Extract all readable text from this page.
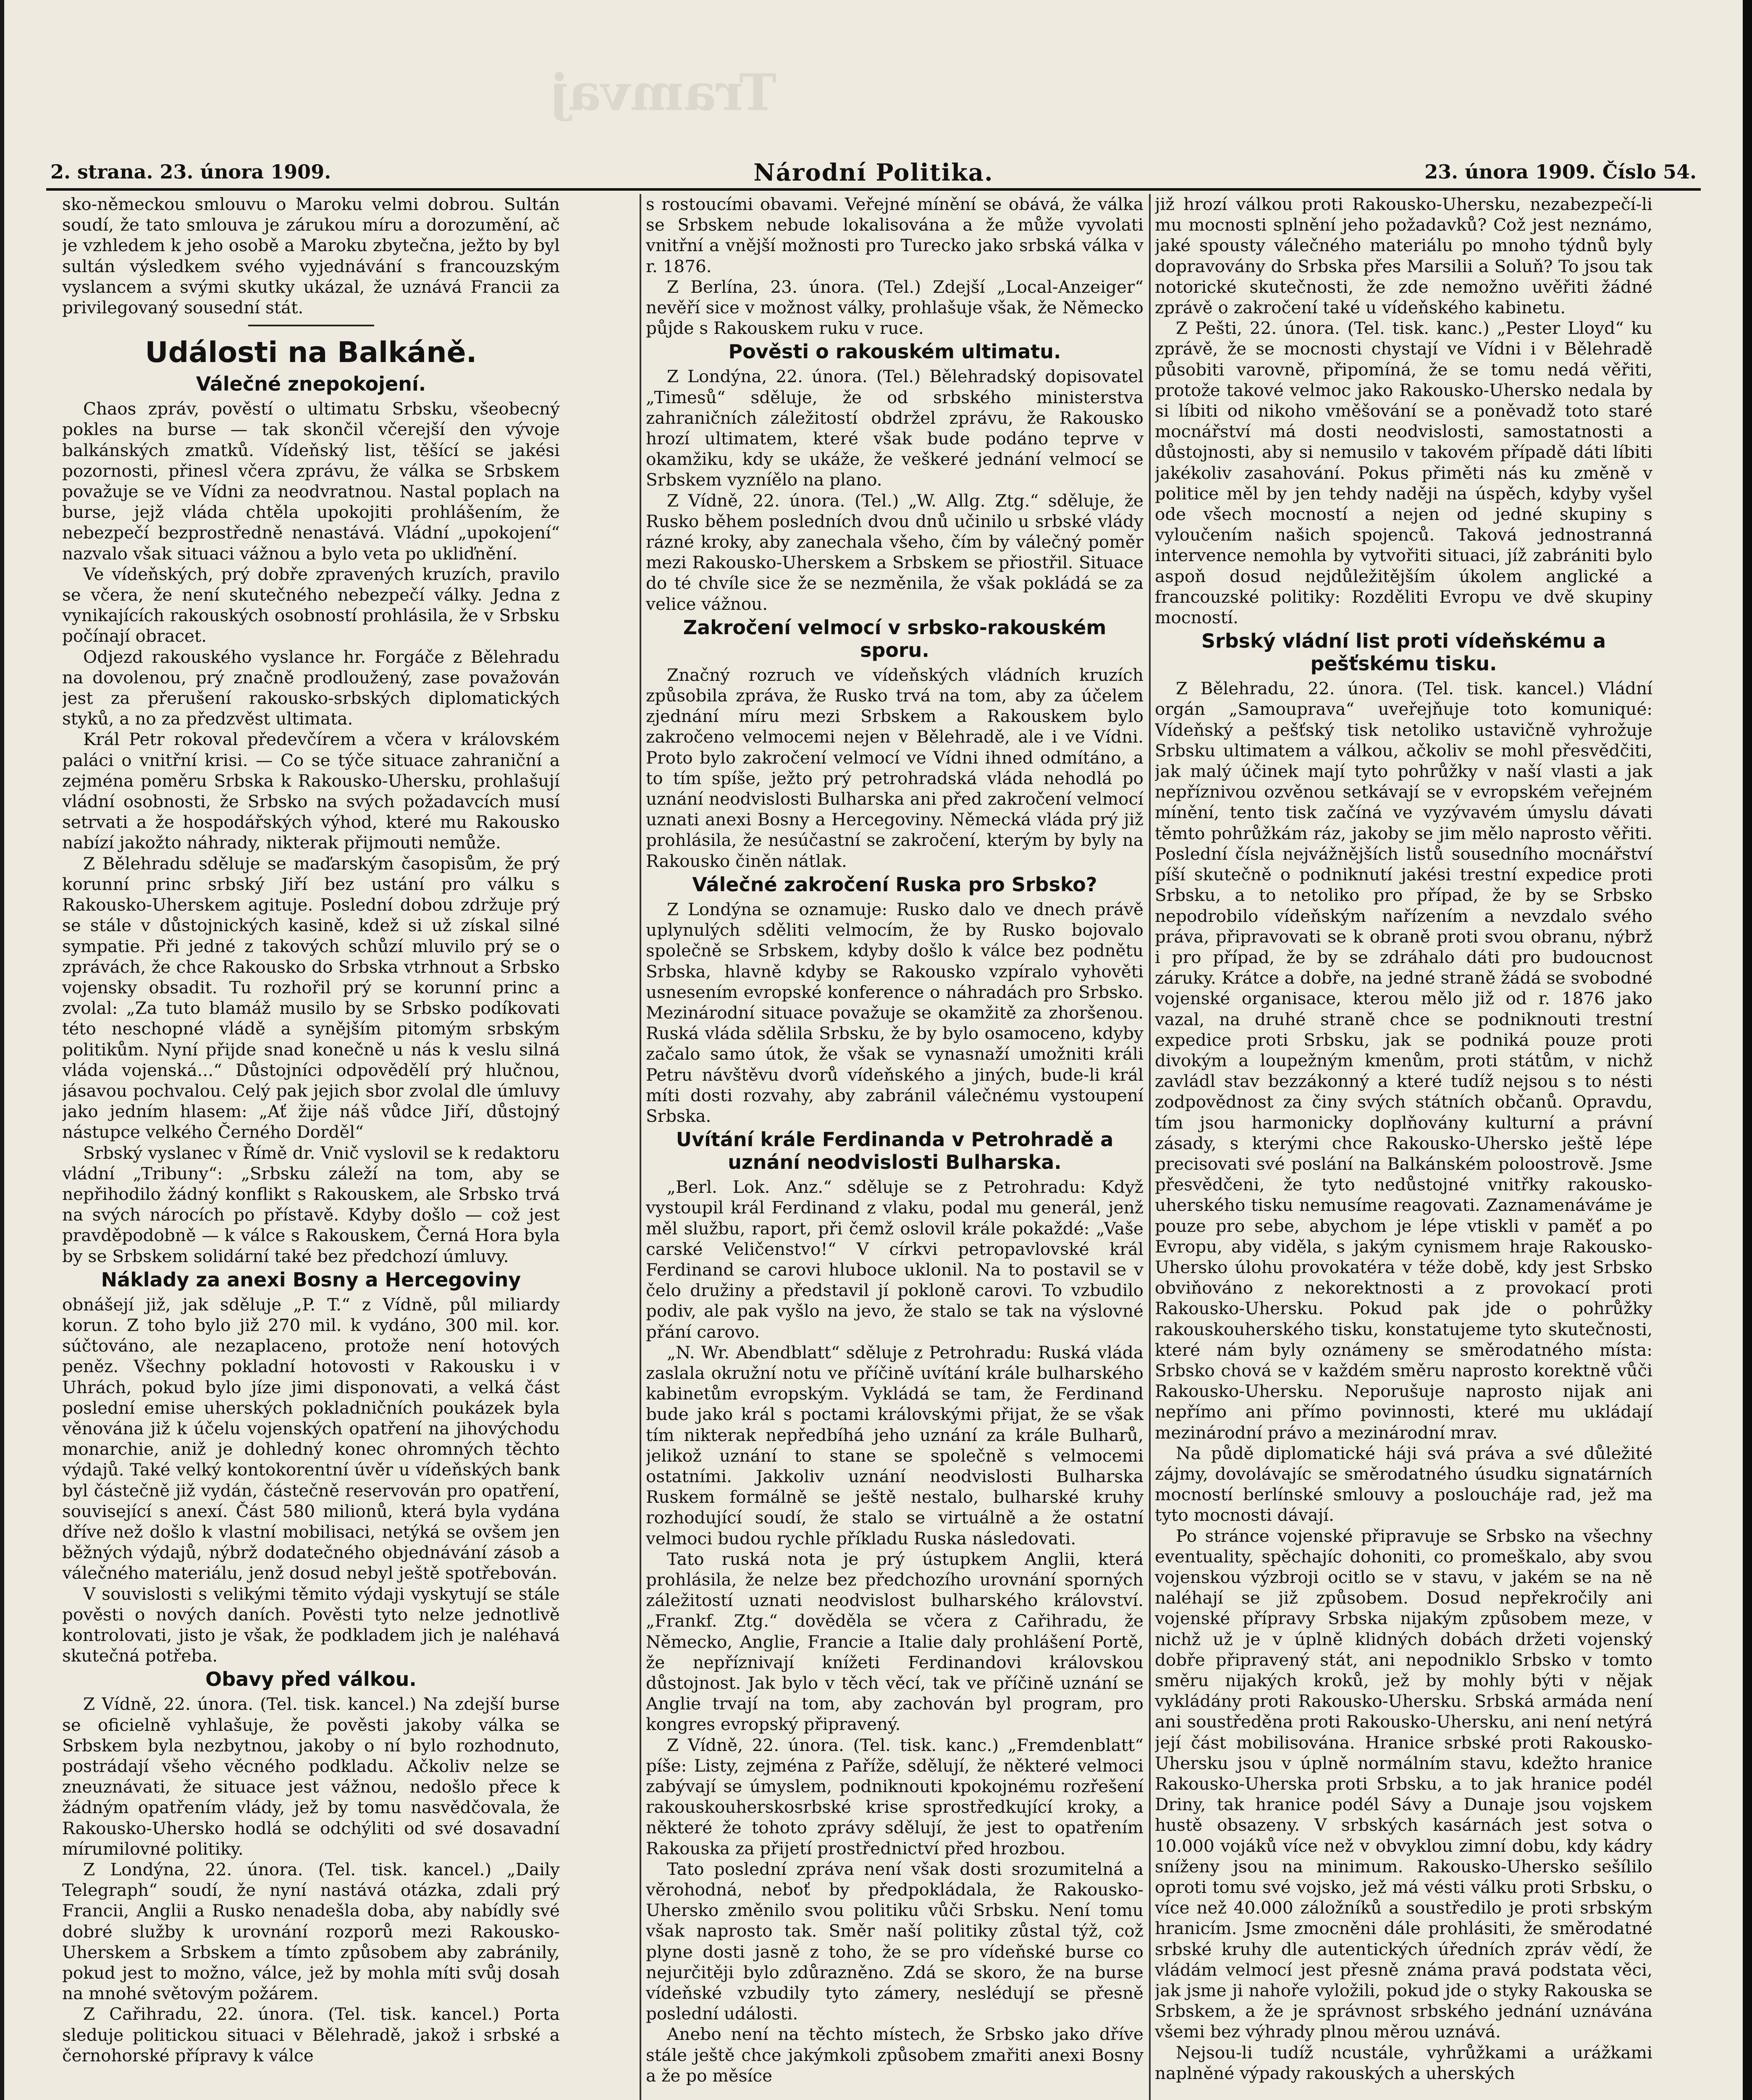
Tramvaj
2. strana. 23. února 1909.	Národní Politika.	23. února 1909. Číslo 54.

sko-německou smlouvu o Maroku velmi dobrou. Sultán soudí, že tato smlouva je zárukou míru a dorozumění, ač je vzhledem k jeho osobě a Maroku zbytečna, ježto by byl sultán výsledkem svého vyjednávání s francouzským vyslancem a svými skutky ukázal, že uznává Francii za privilegovaný sousední stát.

Události na Balkáně.
Válečné znepokojení.

Chaos zpráv, pověstí o ultimatu Srbsku, všeobecný pokles na burse — tak skončil včerejší den vývoje balkánských zmatků. Vídeňský list, těšící se jakési pozornosti, přinesl včera zprávu, že válka se Srbskem považuje se ve Vídni za neodvratnou. Nastal poplach na burse, jejž vláda chtěla upokojiti prohlášením, že nebezpečí bezprostředně nenastává. Vládní „upokojení“ nazvalo však situaci vážnou a bylo veta po ukliďnění.

Ve vídeňských, prý dobře zpravených kruzích, pravilo se včera, že není skutečného nebezpečí války. Jedna z vynikajících rakouských osobností prohlásila, že v Srbsku počínají obracet.

Odjezd rakouského vyslance hr. Forgáče z Bělehradu na dovolenou, prý značně prodloužený, zase považován jest za přerušení rakousko-srbských diplomatických styků, a no za předzvěst ultimata.

Král Petr rokoval předevčírem a včera v královském paláci o vnitřní krisi. — Co se týče situace zahraniční a zejména poměru Srbska k Rakousko-Uhersku, prohlašují vládní osobnosti, že Srbsko na svých požadavcích musí setrvati a že hospodářských výhod, které mu Rakousko nabízí jakožto náhrady, nikterak přijmouti nemůže.

Z Bělehradu sděluje se maďarským časopisům, že prý korunní princ srbský Jiří bez ustání pro válku s Rakousko-Uherskem agituje. Poslední dobou zdržuje prý se stále v důstojnických kasině, kdež si už získal silné sympatie. Při jedné z takových schůzí mluvilo prý se o zprávách, že chce Rakousko do Srbska vtrhnout a Srbsko vojensky obsadit. Tu rozhořil prý se korunní princ a zvolal: „Za tuto blamáž musilo by se Srbsko podíkovati této neschopné vládě a synějším pitomým srbským politikům. Nyní přijde snad konečně u nás k veslu silná vláda vojenská...“ Důstojníci odpovědělí prý hlučnou, jásavou pochvalou. Celý pak jejich sbor zvolal dle úmluvy jako jedním hlasem: „Ať žije náš vůdce Jiří, důstojný nástupce velkého Černého Dorděl“

Srbský vyslanec v Římě dr. Vnič vyslovil se k redaktoru vládní „Tribuny“: „Srbsku záleží na tom, aby se nepřihodilo žádný konflikt s Rakouskem, ale Srbsko trvá na svých nárocích po přístavě. Kdyby došlo — což jest pravděpodobně — k válce s Rakouskem, Černá Hora byla by se Srbskem solidární také bez předchozí úmluvy.

Náklady za anexi Bosny a Hercegoviny

obnášejí již, jak sděluje „P. T.“ z Vídně, půl miliardy korun. Z toho bylo již 270 mil. k vydáno, 300 mil. kor. súčtováno, ale nezaplaceno, protože není hotových peněz. Všechny pokladní hotovosti v Rakousku i v Uhrách, pokud bylo jíze jimi disponovati, a velká část poslední emise uherských pokladničních poukázek byla věnována již k účelu vojenských opatření na jihovýchodu monarchie, aniž je dohledný konec ohromných těchto výdajů. Také velký kontokorentní úvěr u vídeňských bank byl částečně již vydán, částečně reservován pro opatření, související s anexí. Část 580 milionů, která byla vydána dříve než došlo k vlastní mobilisaci, netýká se ovšem jen běžných výdajů, nýbrž dodatečného objednávání zásob a válečného materiálu, jenž dosud nebyl ještě spotřebován.

V souvislosti s velikými těmito výdaji vyskytují se stále pověsti o nových daních. Pověsti tyto nelze jednotlivě kontrolovati, jisto je však, že podkladem jich je naléhavá skutečná potřeba.

Obavy před válkou.

Z Vídně, 22. února. (Tel. tisk. kancel.) Na zdejší burse se oficielně vyhlašuje, že pověsti jakoby válka se Srbskem byla nezbytnou, jakoby o ní bylo rozhodnuto, postrádají všeho věcného podkladu. Ačkoliv nelze se zneuznávati, že situace jest vážnou, nedošlo přece k žádným opatřením vlády, jež by tomu nasvědčovala, že Rakousko-Uhersko hodlá se odchýliti od své dosavadní mírumilovné politiky.

Z Londýna, 22. února. (Tel. tisk. kancel.) „Daily Telegraph“ soudí, že nyní nastává otázka, zdali prý Francii, Anglii a Rusko nenadešla doba, aby nabídly své dobré služby k urovnání rozporů mezi Rakousko-Uherskem a Srbskem a tímto způsobem aby zabránily, pokud jest to možno, válce, jež by mohla míti svůj dosah na mnohé světovým požárem.

Z Cařihradu, 22. února. (Tel. tisk. kancel.) Porta sleduje politickou situaci v Bělehradě, jakož i srbské a černohorské přípravy k válce

s rostoucími obavami. Veřejné mínění se obává, že válka se Srbskem nebude lokalisována a že může vyvolati vnitřní a vnější možnosti pro Turecko jako srbská válka v r. 1876.

Z Berlína, 23. února. (Tel.) Zdejší „Local-Anzeiger“ nevěří sice v možnost války, prohlašuje však, že Německo půjde s Rakouskem ruku v ruce.

Pověsti o rakouském ultimatu.

Z Londýna, 22. února. (Tel.) Bělehradský dopisovatel „Timesů“ sděluje, že od srbského ministerstva zahraničních záležitostí obdržel zprávu, že Rakousko hrozí ultimatem, které však bude podáno teprve v okamžiku, kdy se ukáže, že veškeré jednání velmocí se Srbskem vyzníělo na plano.

Z Vídně, 22. února. (Tel.) „W. Allg. Ztg.“ sděluje, že Rusko během posledních dvou dnů učinilo u srbské vlády rázné kroky, aby zanechala všeho, čím by válečný poměr mezi Rakousko-Uherskem a Srbskem se přiostřil. Situace do té chvíle sice že se nezměnila, že však pokládá se za velice vážnou.

Zakročení velmocí v srbsko-rakouském sporu.

Značný rozruch ve vídeňských vládních kruzích způsobila zpráva, že Rusko trvá na tom, aby za účelem zjednání míru mezi Srbskem a Rakouskem bylo zakročeno velmocemi nejen v Bělehradě, ale i ve Vídni. Proto bylo zakročení velmocí ve Vídni ihned odmítáno, a to tím spíše, ježto prý petrohradská vláda nehodlá po uznání neodvislosti Bulharska ani před zakročení velmocí uznati anexi Bosny a Hercegoviny. Německá vláda prý již prohlásila, že nesúčastní se zakročení, kterým by byly na Rakousko činěn nátlak.

Válečné zakročení Ruska pro Srbsko?

Z Londýna se oznamuje: Rusko dalo ve dnech právě uplynulých sděliti velmocím, že by Rusko bojovalo společně se Srbskem, kdyby došlo k válce bez podnětu Srbska, hlavně kdyby se Rakousko vzpíralo vyhověti usnesením evropské konference o náhradách pro Srbsko. Mezinárodní situace považuje se okamžitě za zhoršenou. Ruská vláda sdělila Srbsku, že by bylo osamoceno, kdyby začalo samo útok, že však se vynasnaží umožniti králi Petru návštěvu dvorů vídeňského a jiných, bude-li král míti dosti rozvahy, aby zabránil válečnému vystoupení Srbska.

Uvítání krále Ferdinanda v Petrohradě a uznání neodvislosti Bulharska.

„Berl. Lok. Anz.“ sděluje se z Petrohradu: Když vystoupil král Ferdinand z vlaku, podal mu generál, jenž měl službu, raport, při čemž oslovil krále pokaždé: „Vaše carské Veličenstvo!“ V církvi petropavlovské král Ferdinand se carovi hluboce uklonil. Na to postavil se v čelo družiny a představil jí pokloně carovi. To vzbudilo podiv, ale pak vyšlo na jevo, že stalo se tak na výslovné přání carovo.

„N. Wr. Abendblatt“ sděluje z Petrohradu: Ruská vláda zaslala okružní notu ve příčině uvítání krále bulharského kabinetům evropským. Vykládá se tam, že Ferdinand bude jako král s poctami královskými přijat, že se však tím nikterak nepředbíhá jeho uznání za krále Bulharů, jelikož uznání to stane se společně s velmocemi ostatními. Jakkoliv uznání neodvislosti Bulharska Ruskem formálně se ještě nestalo, bulharské kruhy rozhodující soudí, že stalo se virtuálně a že ostatní velmoci budou rychle příkladu Ruska následovati.

Tato ruská nota je prý ústupkem Anglii, která prohlásila, že nelze bez předchozího urovnání sporných záležitostí uznati neodvislost bulharského království. „Frankf. Ztg.“ dověděla se včera z Cařihradu, že Německo, Anglie, Francie a Italie daly prohlášení Portě, že nepříznivají knížeti Ferdinandovi královskou důstojnost. Jak bylo v těch věcí, tak ve příčině uznání se Anglie trvají na tom, aby zachován byl program, pro kongres evropský připravený.

Z Vídně, 22. února. (Tel. tisk. kanc.) „Fremdenblatt“ píše: Listy, zejména z Paříže, sdělují, že některé velmoci zabývají se úmyslem, podniknouti kpokojnému rozřešení rakouskouherskosrbské krise sprostředkující kroky, a některé že tohoto zprávy sdělují, že jest to opatřením Rakouska za přijetí prostřednictví před hrozbou.

Tato poslední zpráva není však dosti srozumitelná a věrohodná, neboť by předpokládala, že Rakousko-Uhersko změnilo svou politiku vůči Srbsku. Není tomu však naprosto tak. Směr naší politiky zůstal týž, což plyne dosti jasně z toho, že se pro vídeňské burse co nejurčitěji bylo zdůrazněno. Zdá se skoro, že na burse vídeňské vzbudily tyto zámery, neslédují se přesně poslední události.

Anebo není na těchto místech, že Srbsko jako dříve stále ještě chce jakýmkoli způsobem zmařiti anexi Bosny a že po měsíce

již hrozí válkou proti Rakousko-Uhersku, nezabezpečí-li mu mocnosti splnění jeho požadavků? Což jest neznámo, jaké spousty válečného materiálu po mnoho týdnů byly dopravovány do Srbska přes Marsilii a Soluň? To jsou tak notorické skutečnosti, že zde nemožno uvěřiti žádné zprávě o zakročení také u vídeňského kabinetu.

Z Pešti, 22. února. (Tel. tisk. kanc.) „Pester Lloyd“ ku zprávě, že se mocnosti chystají ve Vídni i v Bělehradě působiti varovně, připomíná, že se tomu nedá věřiti, protože takové velmoc jako Rakousko-Uhersko nedala by si líbiti od nikoho vměšování se a poněvadž toto staré mocnářství má dosti neodvislosti, samostatnosti a důstojnosti, aby si nemusilo v takovém případě dáti líbiti jakékoliv zasahování. Pokus přiměti nás ku změně v politice měl by jen tehdy naději na úspěch, kdyby vyšel ode všech mocností a nejen od jedné skupiny s vyloučením našich spojenců. Taková jednostranná intervence nemohla by vytvořiti situaci, jíž zabrániti bylo aspoň dosud nejdůležitějším úkolem anglické a francouzské politiky: Rozděliti Evropu ve dvě skupiny mocností.

Srbský vládní list proti vídeňskému a pešťskému tisku.

Z Bělehradu, 22. února. (Tel. tisk. kancel.) Vládní orgán „Samouprava“ uveřejňuje toto komuniqué: Vídeňský a pešťský tisk netoliko ustavičně vyhrožuje Srbsku ultimatem a válkou, ačkoliv se mohl přesvědčiti, jak malý účinek mají tyto pohrůžky v naší vlasti a jak nepříznivou ozvěnou setkávají se v evropském veřejném mínění, tento tisk začíná ve vyzývavém úmyslu dávati těmto pohrůžkám ráz, jakoby se jim mělo naprosto věřiti. Poslední čísla nejvážnějších listů sousedního mocnářství píší skutečně o podniknutí jakési trestní expedice proti Srbsku, a to netoliko pro případ, že by se Srbsko nepodrobilo vídeňským nařízením a nevzdalo svého práva, připravovati se k obraně proti svou obranu, nýbrž i pro případ, že by se zdráhalo dáti pro budoucnost záruky. Krátce a dobře, na jedné straně žádá se svobodné vojenské organisace, kterou mělo již od r. 1876 jako vazal, na druhé straně chce se podniknouti trestní expedice proti Srbsku, jak se podniká pouze proti divokým a loupežným kmenům, proti státům, v nichž zavládl stav bezzákonný a které tudíž nejsou s to nésti zodpovědnost za činy svých státních občanů. Opravdu, tím jsou harmonicky doplňovány kulturní a právní zásady, s kterými chce Rakousko-Uhersko ještě lépe precisovati své poslání na Balkánském poloostrově. Jsme přesvědčeni, že tyto nedůstojné vnitřky rakousko-uherského tisku nemusíme reagovati. Zaznamenáváme je pouze pro sebe, abychom je lépe vtiskli v paměť a po Evropu, aby viděla, s jakým cynismem hraje Rakousko-Uhersko úlohu provokatéra v téže době, kdy jest Srbsko obviňováno z nekorektnosti a z provokací proti Rakousko-Uhersku. Pokud pak jde o pohrůžky rakouskouherského tisku, konstatujeme tyto skutečnosti, které nám byly oznámeny se směrodatného místa: Srbsko chová se v každém směru naprosto korektně vůči Rakousko-Uhersku. Neporušuje naprosto nijak ani nepřímo ani přímo povinnosti, které mu ukládají mezinárodní právo a mezinárodní mrav.

Na půdě diplomatické háji svá práva a své důležité zájmy, dovolávajíc se směrodatného úsudku signatárních mocností berlínské smlouvy a posloucháje rad, jež ma tyto mocnosti dávají.

Po stránce vojenské připravuje se Srbsko na všechny eventuality, spěchajíc dohoniti, co promeškalo, aby svou vojenskou výzbroji ocitlo se v stavu, v jakém se na ně naléhají se již způsobem. Dosud nepřekročily ani vojenské přípravy Srbska nijakým způsobem meze, v nichž už je v úplně klidných dobách držeti vojenský dobře připravený stát, ani nepodniklo Srbsko v tomto směru nijakých kroků, jež by mohly býti v nějak vykládány proti Rakousko-Uhersku. Srbská armáda není ani soustředěna proti Rakousko-Uhersku, ani není netýrá její část mobilisována. Hranice srbské proti Rakousko-Uhersku jsou v úplně normálním stavu, kdežto hranice Rakousko-Uherska proti Srbsku, a to jak hranice podél Driny, tak hranice podél Sávy a Dunaje jsou vojskem hustě obsazeny. V srbských kasárnách jest sotva o 10.000 vojáků více než v obvyklou zimní dobu, kdy kádry sníženy jsou na minimum. Rakousko-Uhersko sešílilo oproti tomu své vojsko, jež má vésti válku proti Srbsku, o více než 40.000 záložníků a soustředilo je proti srbským hranicím. Jsme zmocněni dále prohlásiti, že směrodatné srbské kruhy dle autentických úředních zpráv vědí, že vládám velmocí jest přesně známa pravá podstata věci, jak jsme ji nahoře vyložili, pokud jde o styky Rakouska se Srbskem, a že je správnost srbského jednání uznávána všemi bez výhrady plnou měrou uznává.

Nejsou-li tudíž ncustále, vyhrůžkami a urážkami naplněné výpady rakouských a uherských
